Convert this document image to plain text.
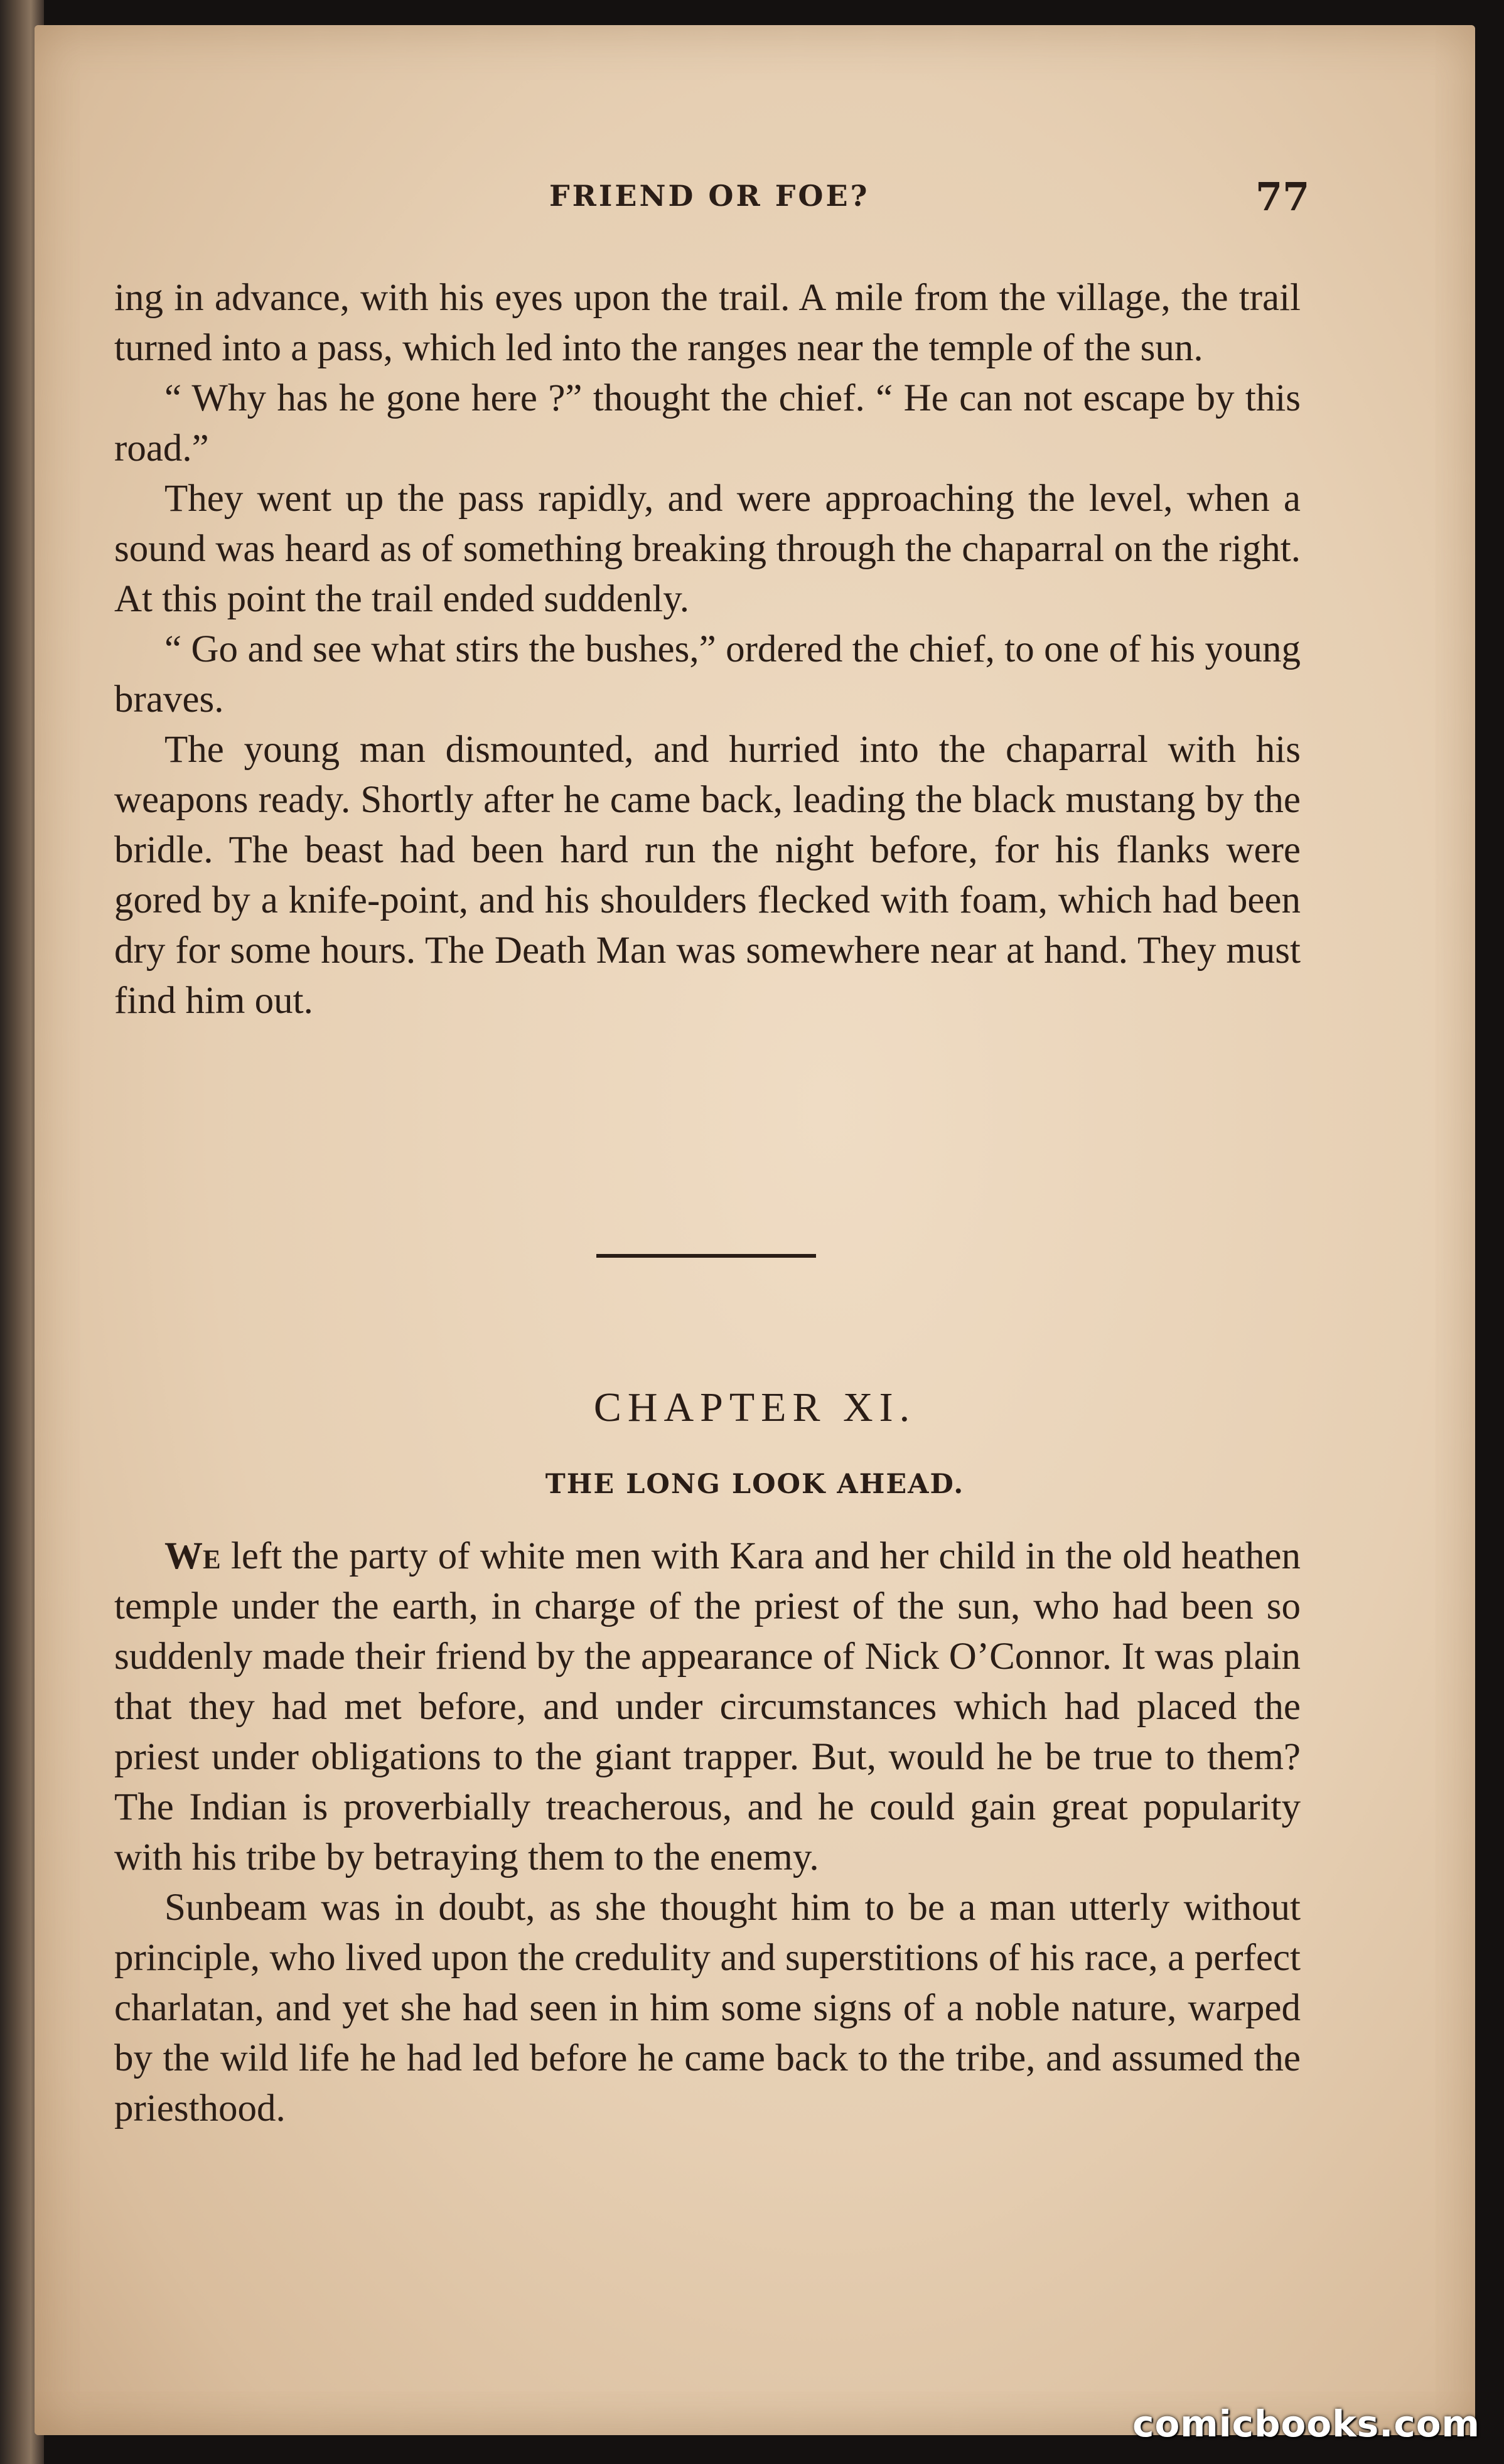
FRIEND OR FOE?	77

ing in advance, with his eyes upon the trail. A mile from the village, the trail turned into a pass, which led into the ranges near the temple of the sun.

“ Why has he gone here ?” thought the chief. “ He can not escape by this road.”

They went up the pass rapidly, and were approaching the level, when a sound was heard as of something breaking through the chaparral on the right. At this point the trail ended suddenly.

“ Go and see what stirs the bushes,” ordered the chief, to one of his young braves.

The young man dismounted, and hurried into the chaparral with his weapons ready. Shortly after he came back, leading the black mustang by the bridle. The beast had been hard run the night before, for his flanks were gored by a knife-point, and his shoulders flecked with foam, which had been dry for some hours. The Death Man was somewhere near at hand. They must find him out.

CHAPTER XI.
THE LONG LOOK AHEAD.

We left the party of white men with Kara and her child in the old heathen temple under the earth, in charge of the priest of the sun, who had been so suddenly made their friend by the appearance of Nick O’Connor. It was plain that they had met before, and under circumstances which had placed the priest under obligations to the giant trapper. But, would he be true to them? The Indian is proverbially treacherous, and he could gain great popularity with his tribe by betraying them to the enemy.

Sunbeam was in doubt, as she thought him to be a man utterly without principle, who lived upon the credulity and superstitions of his race, a perfect charlatan, and yet she had seen in him some signs of a noble nature, warped by the wild life he had led before he came back to the tribe, and assumed the priesthood.

comicbooks.com
